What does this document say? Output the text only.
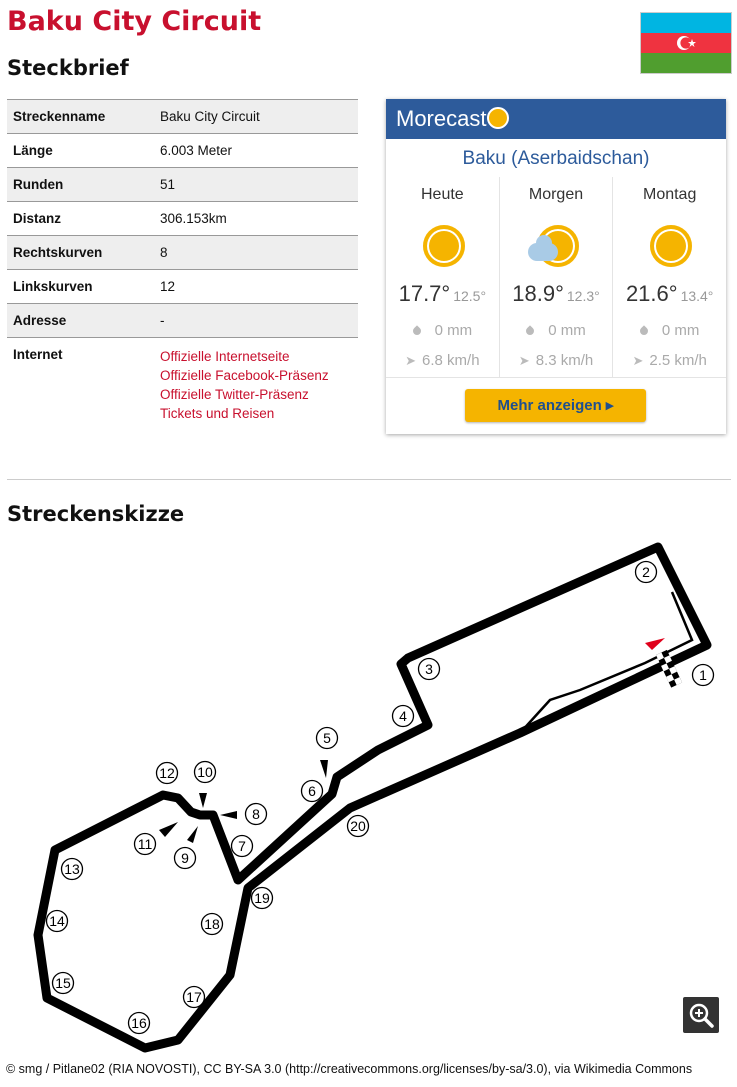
Baku City Circuit
Steckbrief
Streckenname	Baku City Circuit
Länge	6.003 Meter
Runden	51
Distanz	306.153km
Rechtskurven	8
Linkskurven	12
Adresse	-
Internet	Offizielle Internetseite
Offizielle Facebook-Präsenz
Offizielle Twitter-Präsenz
Tickets und Reisen
Morecast
Baku (Aserbaidschan)
Heute
17.7° 12.5°
0 mm
➤ 6.8 km/h
Morgen
18.9° 12.3°
0 mm
➤ 8.3 km/h
Montag
21.6° 13.4°
0 mm
➤ 2.5 km/h
Mehr anzeigen ▸
Streckenskizze
1
2
3
4
5
6
7
8
9
10
11
12
13
14
15
16
17
18
19
20
© smg / Pitlane02 (RIA NOVOSTI), CC BY-SA 3.0 (http://creativecommons.org/licenses/by-sa/3.0), via Wikimedia Commons
